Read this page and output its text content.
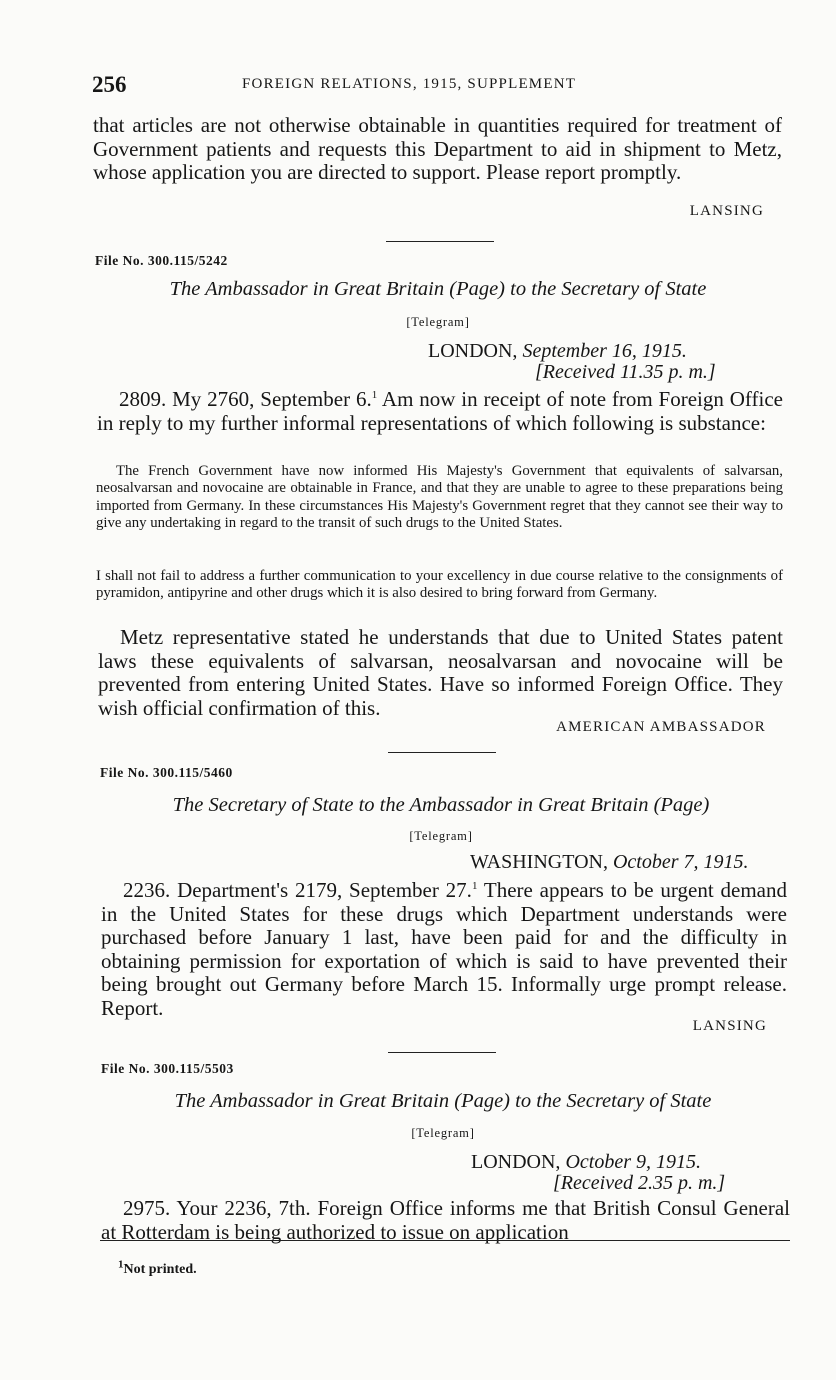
256	FOREIGN RELATIONS, 1915, SUPPLEMENT
that articles are not otherwise obtainable in quantities required for treatment of Government patients and requests this Department to aid in shipment to Metz, whose application you are directed to support. Please report promptly.
LANSING
File No. 300.115/5242
The Ambassador in Great Britain (Page) to the Secretary of State
[Telegram]
LONDON, September 16, 1915.
[Received 11.35 p. m.]
2809. My 2760, September 6.$^1$ Am now in receipt of note from Foreign Office in reply to my further informal representations of which following is substance:
The French Government have now informed His Majesty's Government that equivalents of salvarsan, neosalvarsan and novocaine are obtainable in France, and that they are unable to agree to these preparations being imported from Germany. In these circumstances His Majesty's Government regret that they cannot see their way to give any undertaking in regard to the transit of such drugs to the United States.
I shall not fail to address a further communication to your excellency in due course relative to the consignments of pyramidon, antipyrine and other drugs which it is also desired to bring forward from Germany.
Metz representative stated he understands that due to United States patent laws these equivalents of salvarsan, neosalvarsan and novocaine will be prevented from entering United States. Have so informed Foreign Office. They wish official confirmation of this.
AMERICAN AMBASSADOR
File No. 300.115/5460
The Secretary of State to the Ambassador in Great Britain (Page)
[Telegram]
WASHINGTON, October 7, 1915.
2236. Department's 2179, September 27.$^1$ There appears to be urgent demand in the United States for these drugs which Department understands were purchased before January 1 last, have been paid for and the difficulty in obtaining permission for exportation of which is said to have prevented their being brought out Germany before March 15. Informally urge prompt release. Report.
LANSING
File No. 300.115/5503
The Ambassador in Great Britain (Page) to the Secretary of State
[Telegram]
LONDON, October 9, 1915.
[Received 2.35 p. m.]
2975. Your 2236, 7th. Foreign Office informs me that British Consul General at Rotterdam is being authorized to issue on application
$^1$Not printed.
